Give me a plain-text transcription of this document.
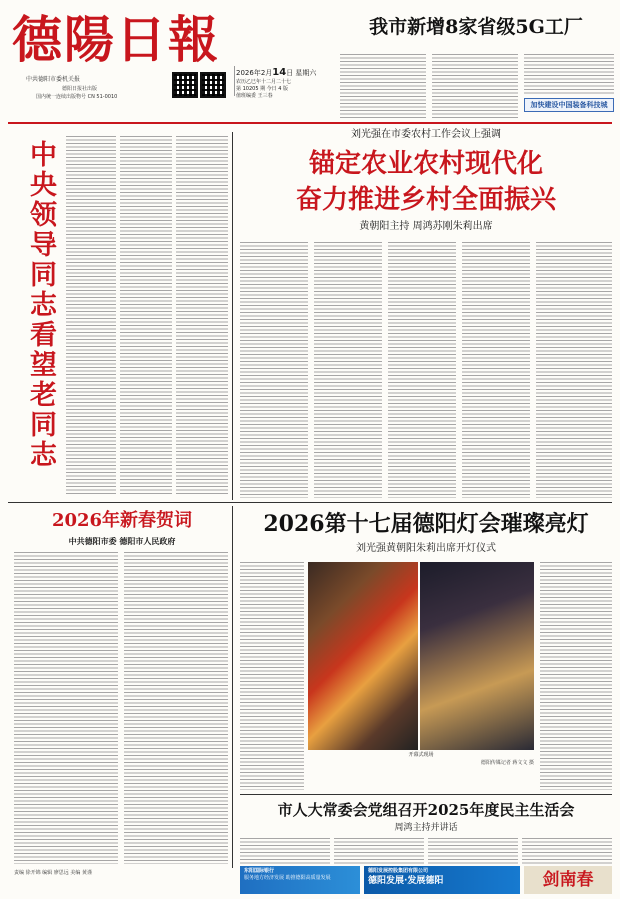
德陽日報
中共德阳市委机关报
德阳日报社出版
国内统一连续出版物号 CN 51-0010
2026年2月14日 星期六
农历乙巳年十二月二十七
第 10205 期 今日 4 版
值班编委 王三春
我市新增8家省级5G工厂
加快建设中国装备科技城
中央领导同志看望老同志
刘光强在市委农村工作会议上强调
锚定农业农村现代化
奋力推进乡村全面振兴
黄朝阳主持 周鸿苏刚朱莉出席
2026年新春贺词
中共德阳市委 德阳市人民政府
2026第十七届德阳灯会璀璨亮灯
刘光强黄朝阳朱莉出席开灯仪式
开幕式现场
德阳传媒记者 蒋文文 摄
市人大常委会党组召开2025年度民主生活会
周鸿主持并讲话
责编 徐开锦 编辑 廖思远 美编 黄谨	东阳国际银行
服务地方经济发展 助推德阳高质量发展
德阳发展控股集团有限公司
德阳发展·发展德阳	剑南春
